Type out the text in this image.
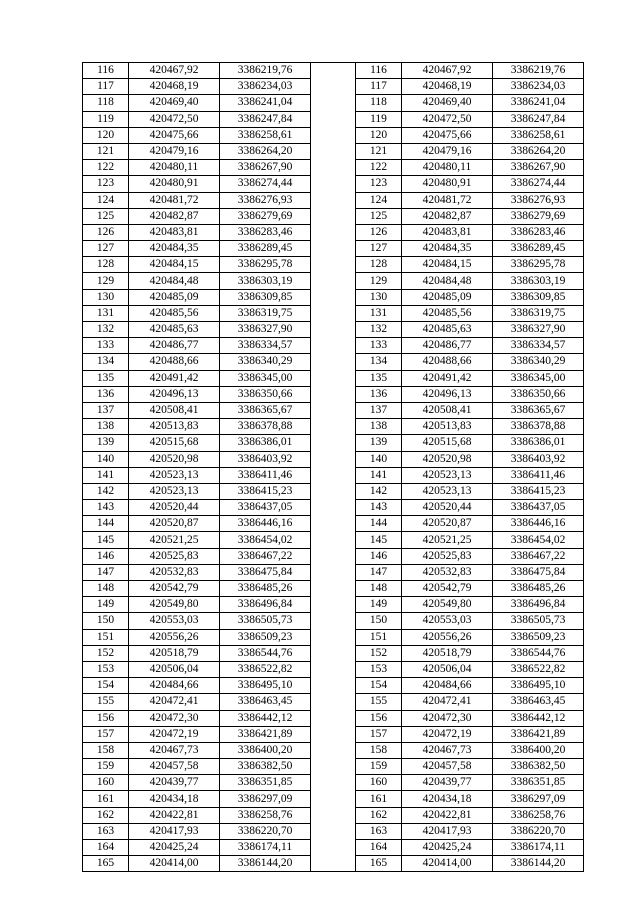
116	420467,92	3386219,76		116	420467,92	3386219,76
117	420468,19	3386234,03		117	420468,19	3386234,03
118	420469,40	3386241,04		118	420469,40	3386241,04
119	420472,50	3386247,84		119	420472,50	3386247,84
120	420475,66	3386258,61		120	420475,66	3386258,61
121	420479,16	3386264,20		121	420479,16	3386264,20
122	420480,11	3386267,90		122	420480,11	3386267,90
123	420480,91	3386274,44		123	420480,91	3386274,44
124	420481,72	3386276,93		124	420481,72	3386276,93
125	420482,87	3386279,69		125	420482,87	3386279,69
126	420483,81	3386283,46		126	420483,81	3386283,46
127	420484,35	3386289,45		127	420484,35	3386289,45
128	420484,15	3386295,78		128	420484,15	3386295,78
129	420484,48	3386303,19		129	420484,48	3386303,19
130	420485,09	3386309,85		130	420485,09	3386309,85
131	420485,56	3386319,75		131	420485,56	3386319,75
132	420485,63	3386327,90		132	420485,63	3386327,90
133	420486,77	3386334,57		133	420486,77	3386334,57
134	420488,66	3386340,29		134	420488,66	3386340,29
135	420491,42	3386345,00		135	420491,42	3386345,00
136	420496,13	3386350,66		136	420496,13	3386350,66
137	420508,41	3386365,67		137	420508,41	3386365,67
138	420513,83	3386378,88		138	420513,83	3386378,88
139	420515,68	3386386,01		139	420515,68	3386386,01
140	420520,98	3386403,92		140	420520,98	3386403,92
141	420523,13	3386411,46		141	420523,13	3386411,46
142	420523,13	3386415,23		142	420523,13	3386415,23
143	420520,44	3386437,05		143	420520,44	3386437,05
144	420520,87	3386446,16		144	420520,87	3386446,16
145	420521,25	3386454,02		145	420521,25	3386454,02
146	420525,83	3386467,22		146	420525,83	3386467,22
147	420532,83	3386475,84		147	420532,83	3386475,84
148	420542,79	3386485,26		148	420542,79	3386485,26
149	420549,80	3386496,84		149	420549,80	3386496,84
150	420553,03	3386505,73		150	420553,03	3386505,73
151	420556,26	3386509,23		151	420556,26	3386509,23
152	420518,79	3386544,76		152	420518,79	3386544,76
153	420506,04	3386522,82		153	420506,04	3386522,82
154	420484,66	3386495,10		154	420484,66	3386495,10
155	420472,41	3386463,45		155	420472,41	3386463,45
156	420472,30	3386442,12		156	420472,30	3386442,12
157	420472,19	3386421,89		157	420472,19	3386421,89
158	420467,73	3386400,20		158	420467,73	3386400,20
159	420457,58	3386382,50		159	420457,58	3386382,50
160	420439,77	3386351,85		160	420439,77	3386351,85
161	420434,18	3386297,09		161	420434,18	3386297,09
162	420422,81	3386258,76		162	420422,81	3386258,76
163	420417,93	3386220,70		163	420417,93	3386220,70
164	420425,24	3386174,11		164	420425,24	3386174,11
165	420414,00	3386144,20		165	420414,00	3386144,20
